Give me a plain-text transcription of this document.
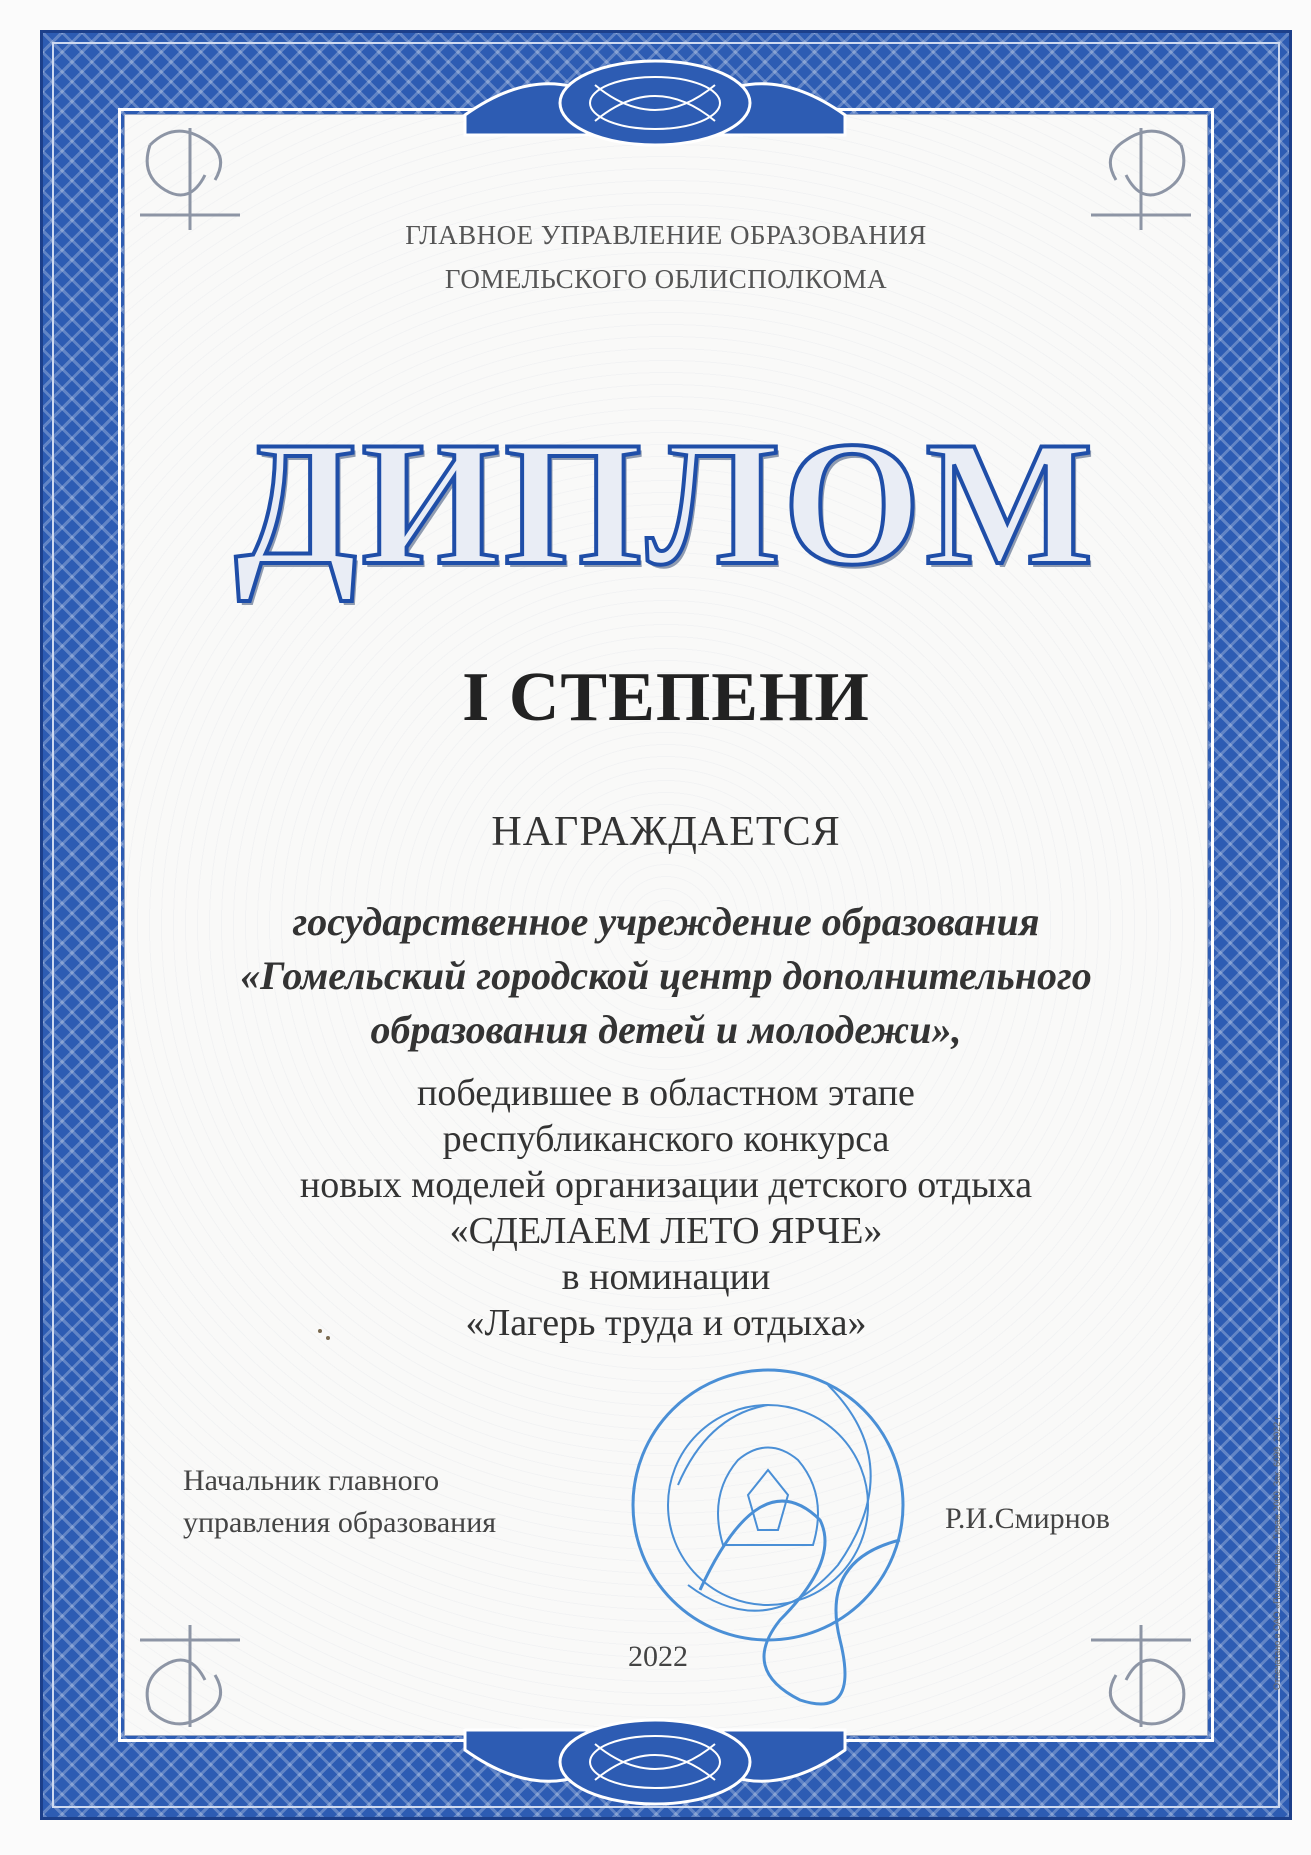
ГЛАВНОЕ УПРАВЛЕНИЕ ОБРАЗОВАНИЯ
ГОМЕЛЬСКОГО ОБЛИСПОЛКОМА
ДИПЛОМ
I СТЕПЕНИ
НАГРАЖДАЕТСЯ
государственное учреждение образования
«Гомельский городской центр дополнительного
образования детей и молодежи»,
победившее в областном этапе
республиканского конкурса
новых моделей организации детского отдыха
«СДЕЛАЕМ ЛЕТО ЯРЧЕ»
в номинации
«Лагерь труда и отдыха»
Начальник главного
управления образования	Р.И.Смирнов
2022	Отпечатано в ОАО «Полеспечать». Тираж 2000. Зак. 6099. 2022 г.
